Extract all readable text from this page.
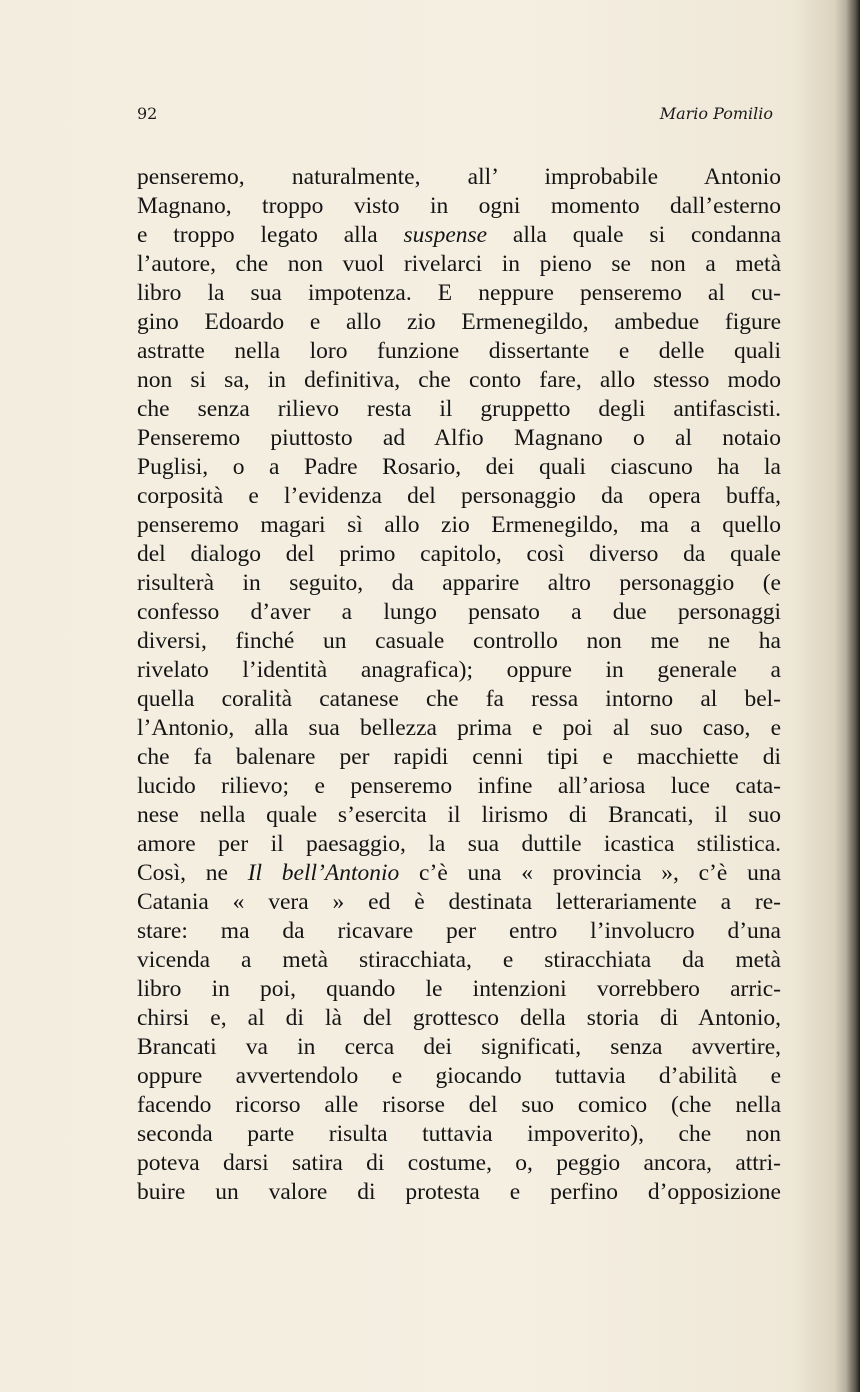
92	Mario Pomilio
penseremo, naturalmente, all’ improbabile Antonio
Magnano, troppo visto in ogni momento dall’esterno
e troppo legato alla suspense alla quale si condanna
l’autore, che non vuol rivelarci in pieno se non a metà
libro la sua impotenza. E neppure penseremo al cu-
gino Edoardo e allo zio Ermenegildo, ambedue figure
astratte nella loro funzione dissertante e delle quali
non si sa, in definitiva, che conto fare, allo stesso modo
che senza rilievo resta il gruppetto degli antifascisti.
Penseremo piuttosto ad Alfio Magnano o al notaio
Puglisi, o a Padre Rosario, dei quali ciascuno ha la
corposità e l’evidenza del personaggio da opera buffa,
penseremo magari sì allo zio Ermenegildo, ma a quello
del dialogo del primo capitolo, così diverso da quale
risulterà in seguito, da apparire altro personaggio (e
confesso d’aver a lungo pensato a due personaggi
diversi, finché un casuale controllo non me ne ha
rivelato l’identità anagrafica); oppure in generale a
quella coralità catanese che fa ressa intorno al bel-
l’Antonio, alla sua bellezza prima e poi al suo caso, e
che fa balenare per rapidi cenni tipi e macchiette di
lucido rilievo; e penseremo infine all’ariosa luce cata-
nese nella quale s’esercita il lirismo di Brancati, il suo
amore per il paesaggio, la sua duttile icastica stilistica.
Così, ne Il bell’Antonio c’è una « provincia », c’è una
Catania « vera » ed è destinata letterariamente a re-
stare: ma da ricavare per entro l’involucro d’una
vicenda a metà stiracchiata, e stiracchiata da metà
libro in poi, quando le intenzioni vorrebbero arric-
chirsi e, al di là del grottesco della storia di Antonio,
Brancati va in cerca dei significati, senza avvertire,
oppure avvertendolo e giocando tuttavia d’abilità e
facendo ricorso alle risorse del suo comico (che nella
seconda parte risulta tuttavia impoverito), che non
poteva darsi satira di costume, o, peggio ancora, attri-
buire un valore di protesta e perfino d’opposizione
